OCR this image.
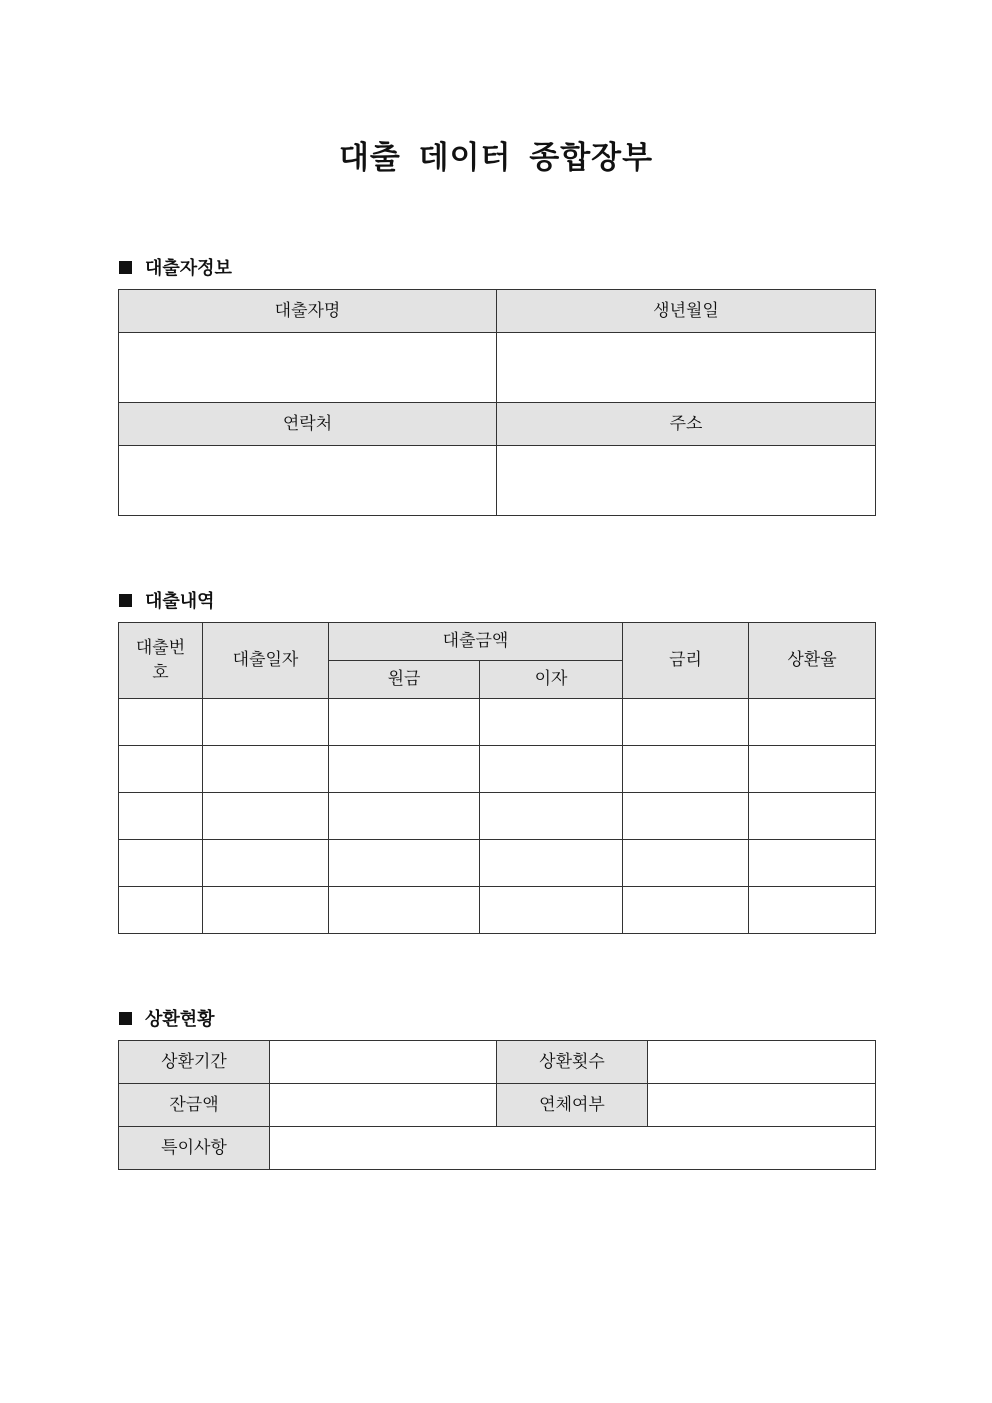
대출 데이터 종합장부
대출자정보
대출자명	생년월일

연락처	주소

대출내역
대출번호	대출일자	대출금액		금리	상환율
		원금	이자		

상환현황
상환기간		상환횟수	
잔금액		연체여부	
특이사항			
